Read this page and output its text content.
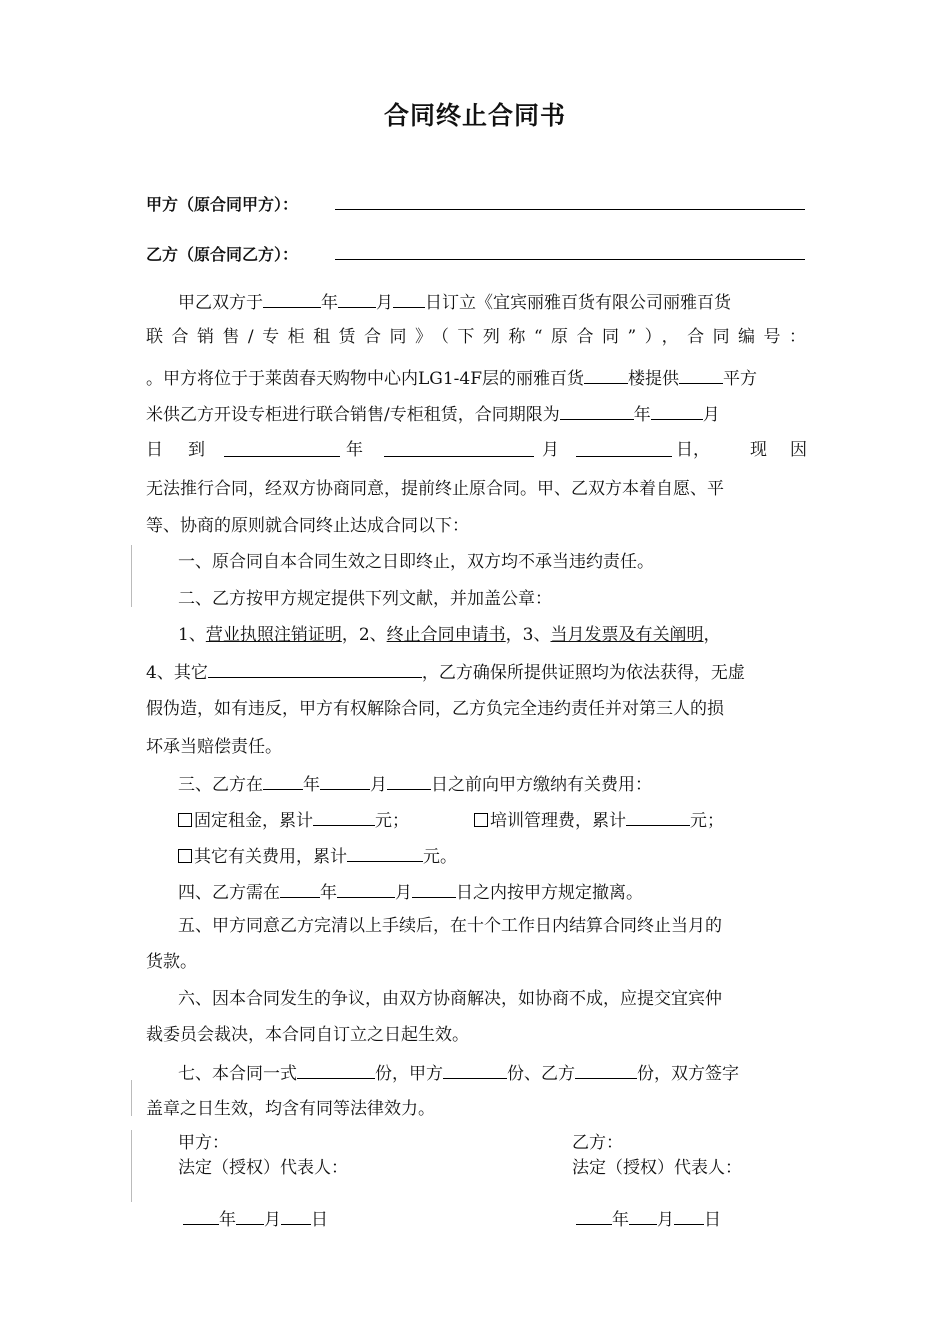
合同终止合同书
甲方（原合同甲方）：
乙方（原合同乙方）：
甲乙双方于	年 月 日订立《宜宾丽雅百货有限公司丽雅百货
联合销售/专柜租赁合同》（下列称“原合同”），合同编号：
。甲方将位于于莱茵春天购物中心内LG1-4F层的丽雅百货	楼提供	平方
米供乙方开设专柜进行联合销售/专柜租赁，合同期限为	年	月
日 到	年	月	日， 现 因
无法推行合同，经双方协商同意，提前终止原合同。甲、乙双方本着自愿、平
等、协商的原则就合同终止达成合同以下：
一、原合同自本合同生效之日即终止，双方均不承当违约责任。
二、乙方按甲方规定提供下列文献，并加盖公章：
1、营业执照注销证明，2、终止合同申请书，3、当月发票及有关阐明，
4、其它	，乙方确保所提供证照均为依法获得，无虚
假伪造，如有违反，甲方有权解除合同，乙方负完全违约责任并对第三人的损
坏承当赔偿责任。
三、乙方在 年	月	日之前向甲方缴纳有关费用：
固定租金，累计	元；	培训管理费，累计	元；
其它有关费用，累计	元。
四、乙方需在 年	月	日之内按甲方规定撤离。
五、甲方同意乙方完清以上手续后，在十个工作日内结算合同终止当月的
货款。
六、因本合同发生的争议，由双方协商解决，如协商不成，应提交宜宾仲
裁委员会裁决，本合同自订立之日起生效。
七、本合同一式	份，甲方	份、乙方	份，双方签字
盖章之日生效，均含有同等法律效力。
甲方：	乙方：
法定（授权）代表人：	法定（授权）代表人：
年 月 日	年 月 日
